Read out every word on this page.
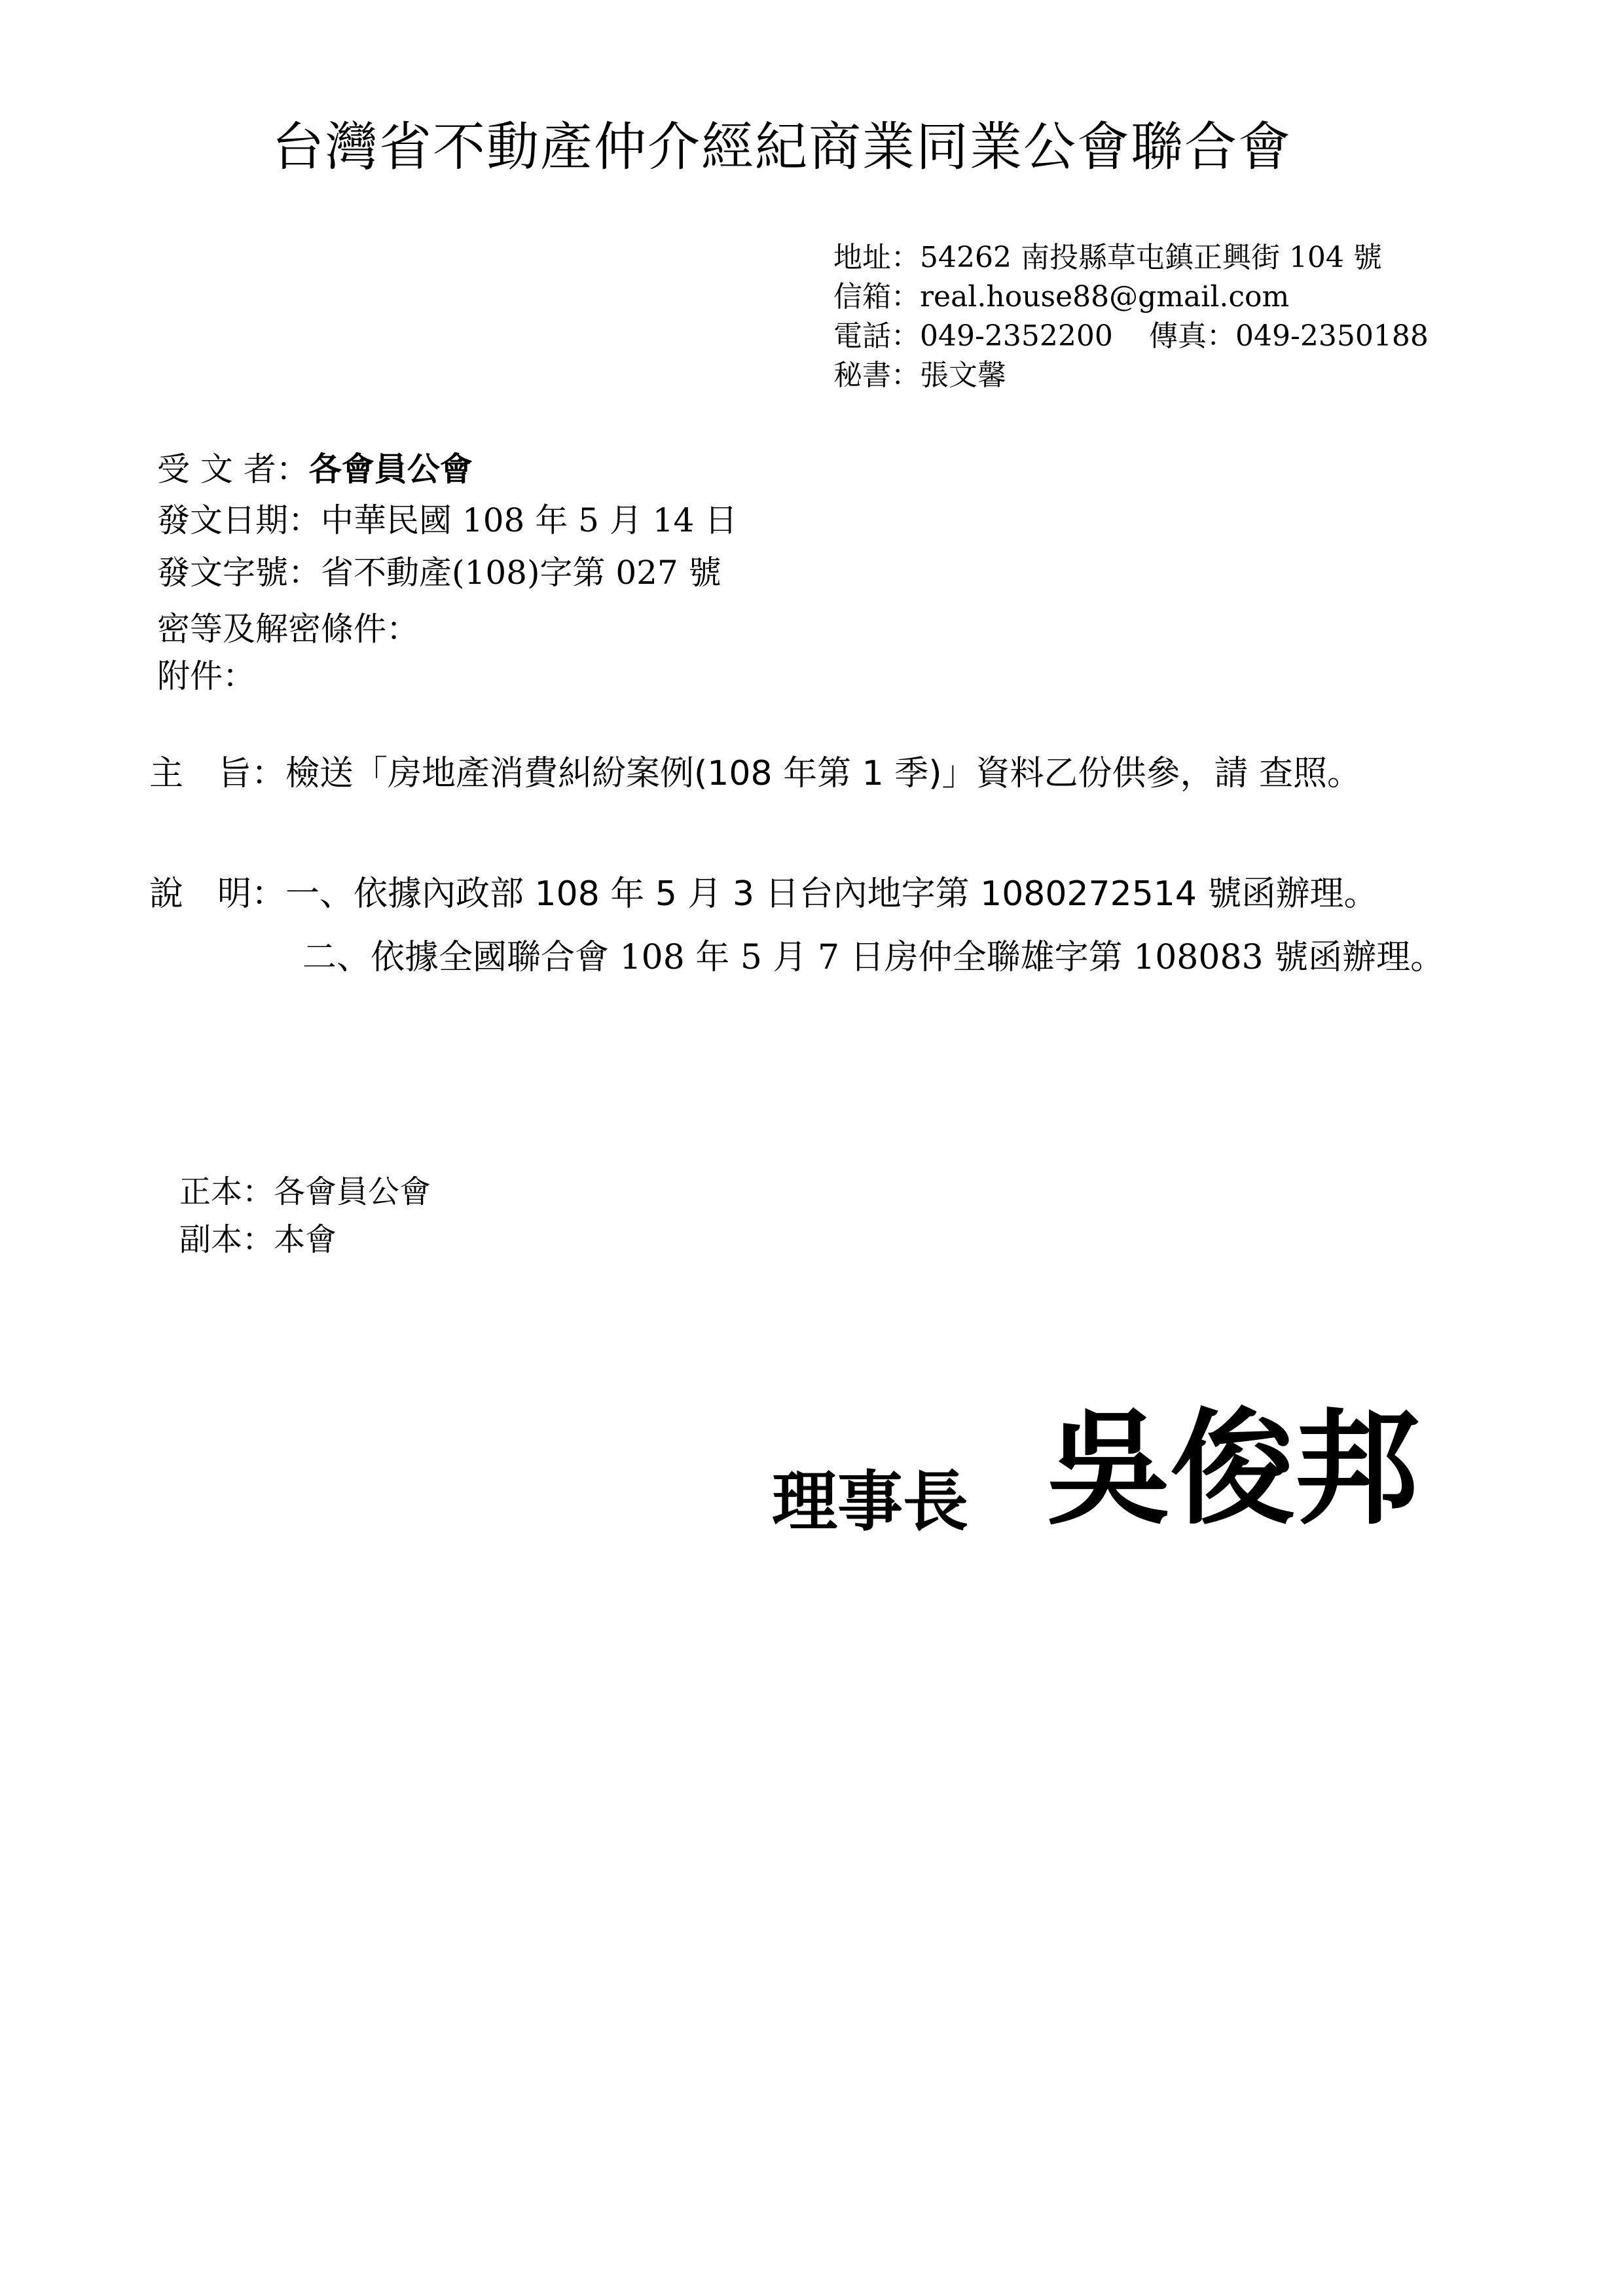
台灣省不動產仲介經紀商業同業公會聯合會
地址：54262 南投縣草屯鎮正興街 104 號
信箱：real.house88@gmail.com
電話：049-2352200 傳真：049-2350188
秘書：張文馨
受 文 者：各會員公會
發文日期：中華民國 108 年 5 月 14 日
發文字號：省不動產(108)字第 027 號
密等及解密條件：
附件：
主　旨：檢送「房地產消費糾紛案例(108 年第 1 季)」資料乙份供參，請 查照。
說　明：一、依據內政部 108 年 5 月 3 日台內地字第 1080272514 號函辦理。
二、依據全國聯合會 108 年 5 月 7 日房仲全聯雄字第 108083 號函辦理。
正本：各會員公會
副本：本會
理事長 吳俊邦
